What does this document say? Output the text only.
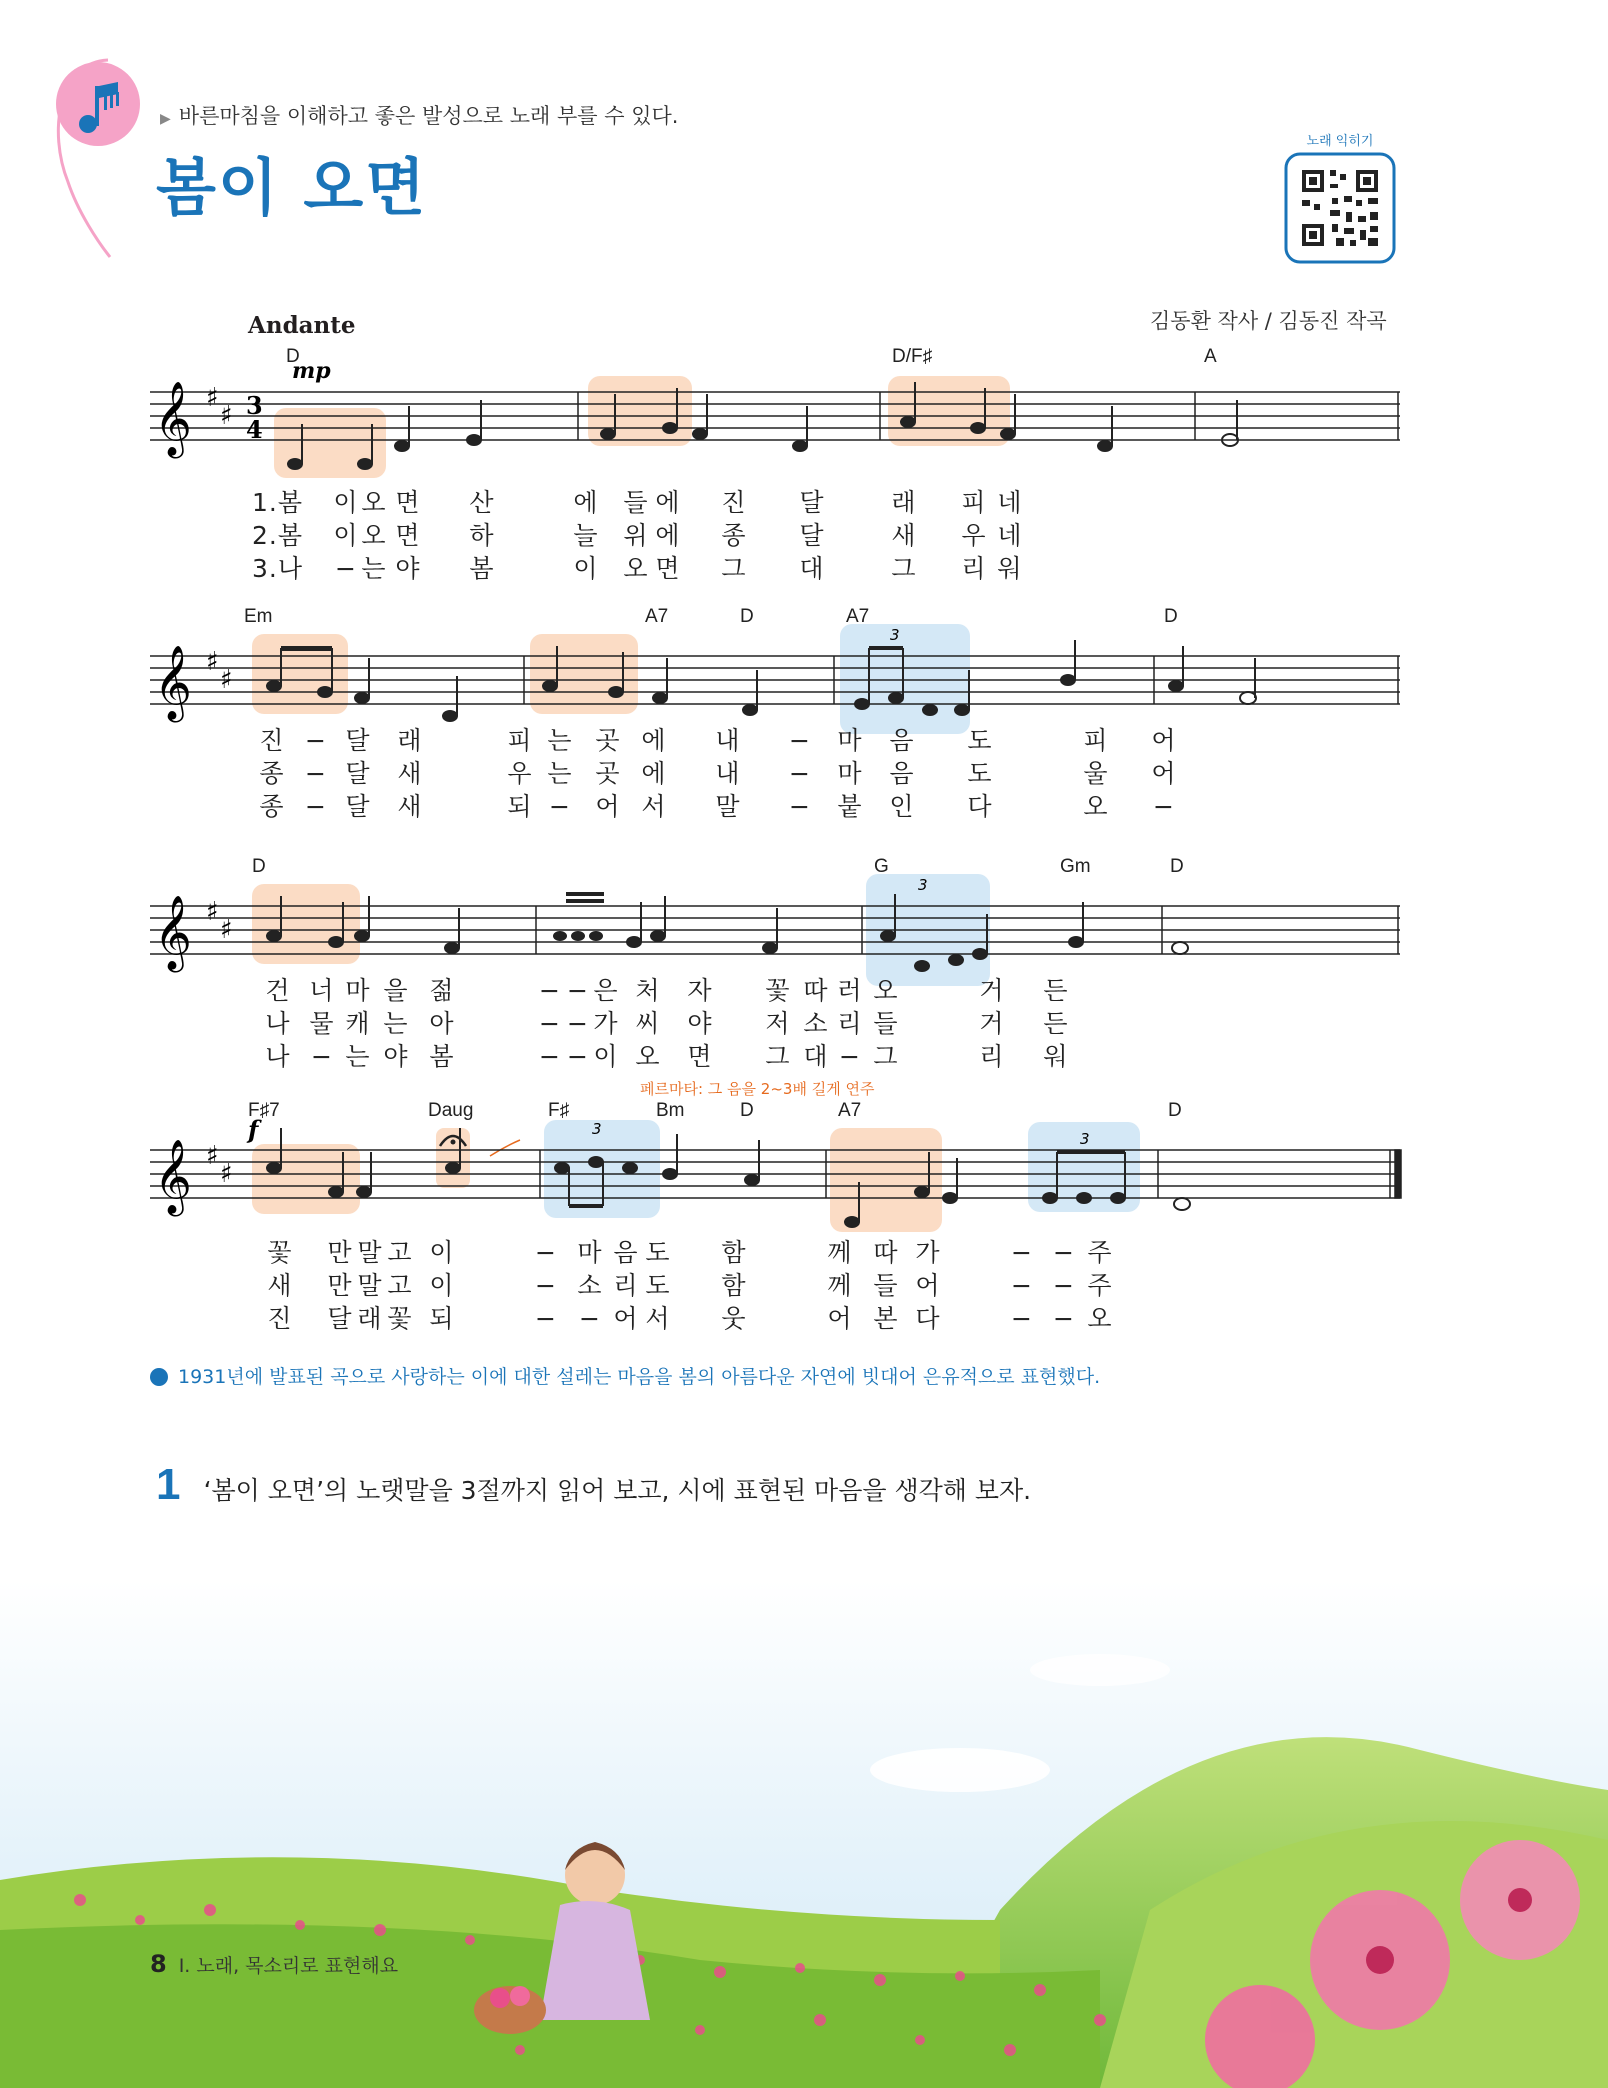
▶ 바른마침을 이해하고 좋은 발성으로 노래 부를 수 있다.
봄이 오면
노래 익히기
김동환 작사 / 김동진 작곡
Andante
𝄞 ♯
♯ 3
4
mp
D	D/F♯	A
1.봄	이 오 면 산	에 들 에 진 달	래 피 네
2.봄	이 오 면 하	늘 위 에 종 달	새 우 네
3.나	− 는 야 봄	이 오 면 그 대	그 리 워
𝄞 ♯
♯
3
Em	A7	D	A7	D
진 − 달 래	피 는 곳 에 내	−	마 음 도	피 어
종 − 달 새	우 는 곳 에 내	−	마 음 도	울 어
종 − 달 새	되 − 어 서 말	−	붙 인 다	오	−
𝄞 ♯
♯
3
D	G	Gm	D
건 너 마 을 젊	− − 은 처 자 꽃 따 러 오	거 든
나 물 캐 는 아	− − 가 씨 야 저 소 리 들	거 든
나 − 는 야 봄	− − 이 오 면 그 대 − 그	리 워
𝄞 ♯
♯
3
3
f
F♯7	Daug	F♯	Bm	D	A7	D
페르마타: 그 음을 2~3배 길게 연주
꽃 만 말 고 이	− 마 음 도 함	께 따 가	− − 주
새 만 말 고 이	− 소 리 도 함	께 들 어	− − 주
진 달 래 꽃 되	− − 어 서 웃	어 본 다	− − 오
1931년에 발표된 곡으로 사랑하는 이에 대한 설레는 마음을 봄의 아름다운 자연에 빗대어 은유적으로 표현했다.
1 ‘봄이 오면’의 노랫말을 3절까지 읽어 보고, 시에 표현된 마음을 생각해 보자.
8 Ⅰ. 노래, 목소리로 표현해요
